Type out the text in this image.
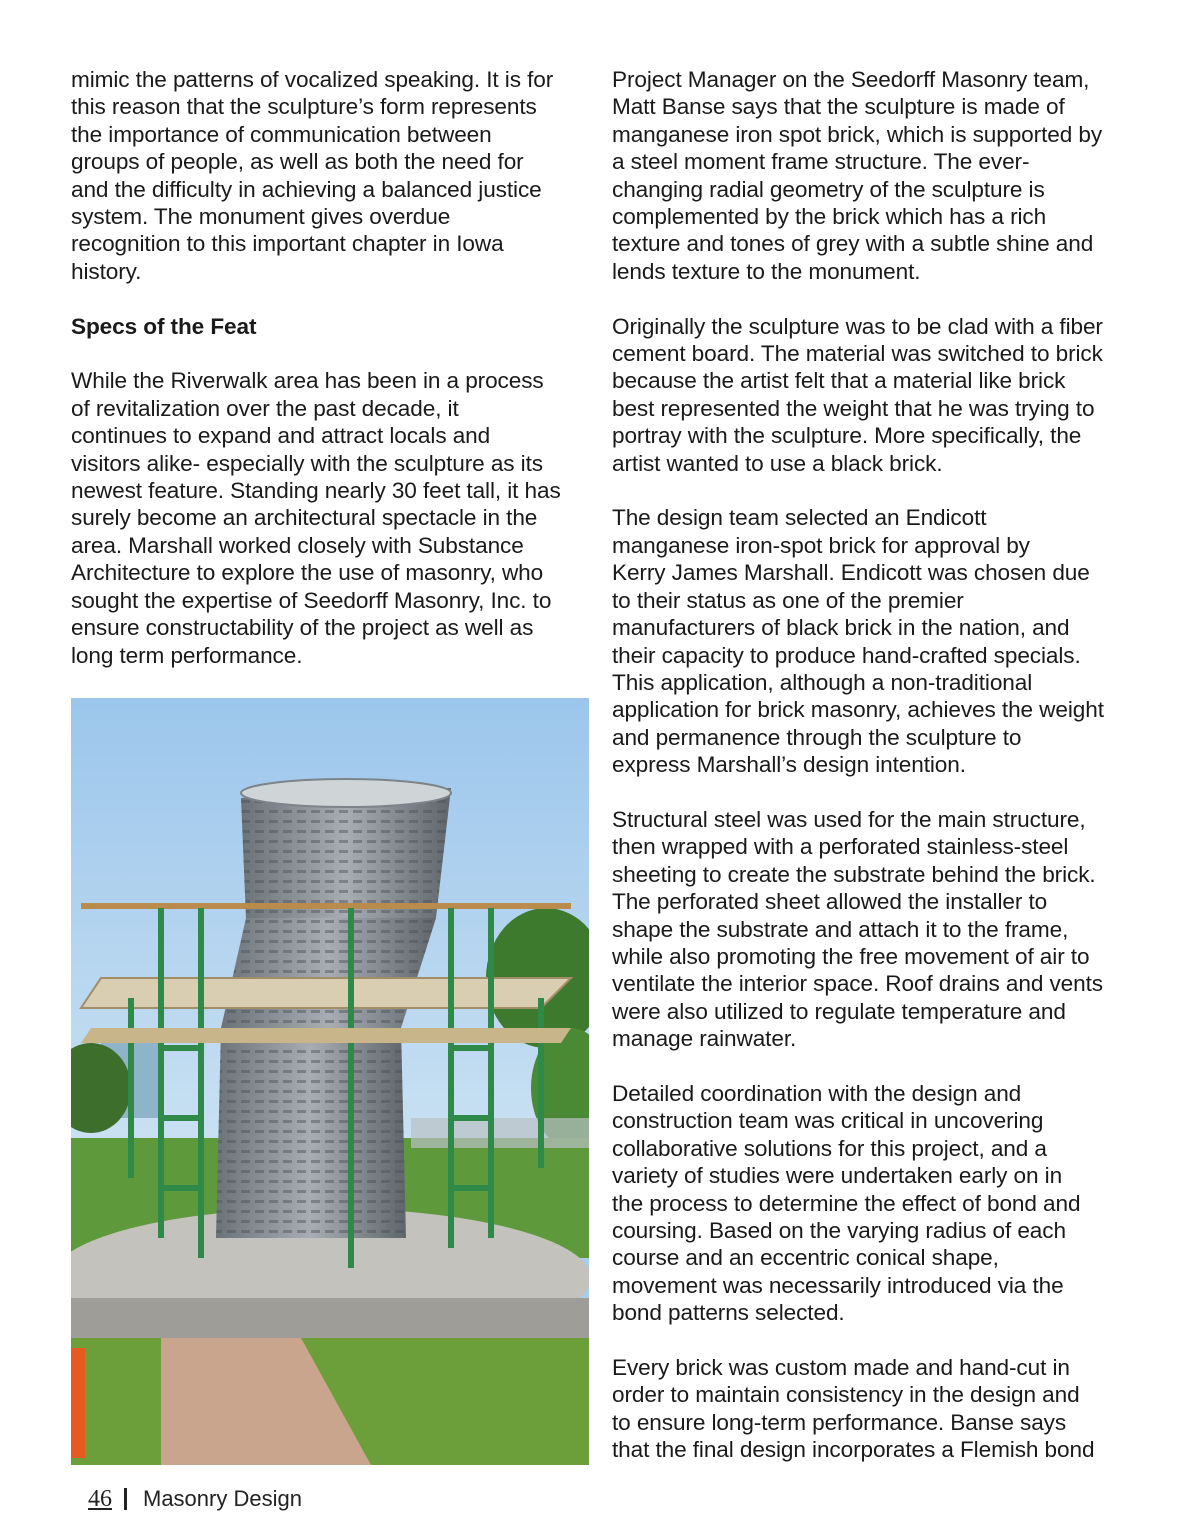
mimic the patterns of vocalized speaking. It is for
this reason that the sculpture’s form represents
the importance of communication between
groups of people, as well as both the need for
and the difficulty in achieving a balanced justice
system. The monument gives overdue
recognition to this important chapter in Iowa
history.

Specs of the Feat

While the Riverwalk area has been in a process
of revitalization over the past decade, it
continues to expand and attract locals and
visitors alike- especially with the sculpture as its
newest feature. Standing nearly 30 feet tall, it has
surely become an architectural spectacle in the
area. Marshall worked closely with Substance
Architecture to explore the use of masonry, who
sought the expertise of Seedorff Masonry, Inc. to
ensure constructability of the project as well as
long term performance.

Project Manager on the Seedorff Masonry team,
Matt Banse says that the sculpture is made of
manganese iron spot brick, which is supported by
a steel moment frame structure. The ever-
changing radial geometry of the sculpture is
complemented by the brick which has a rich
texture and tones of grey with a subtle shine and
lends texture to the monument.

Originally the sculpture was to be clad with a fiber
cement board. The material was switched to brick
because the artist felt that a material like brick
best represented the weight that he was trying to
portray with the sculpture. More specifically, the
artist wanted to use a black brick.

The design team selected an Endicott
manganese iron-spot brick for approval by
Kerry James Marshall. Endicott was chosen due
to their status as one of the premier
manufacturers of black brick in the nation, and
their capacity to produce hand-crafted specials.
This application, although a non-traditional
application for brick masonry, achieves the weight
and permanence through the sculpture to
express Marshall’s design intention.

Structural steel was used for the main structure,
then wrapped with a perforated stainless-steel
sheeting to create the substrate behind the brick.
The perforated sheet allowed the installer to
shape the substrate and attach it to the frame,
while also promoting the free movement of air to
ventilate the interior space. Roof drains and vents
were also utilized to regulate temperature and
manage rainwater.

Detailed coordination with the design and
construction team was critical in uncovering
collaborative solutions for this project, and a
variety of studies were undertaken early on in
the process to determine the effect of bond and
coursing. Based on the varying radius of each
course and an eccentric conical shape,
movement was necessarily introduced via the
bond patterns selected.

Every brick was custom made and hand-cut in
order to maintain consistency in the design and
to ensure long-term performance. Banse says
that the final design incorporates a Flemish bond

46 Masonry Design
